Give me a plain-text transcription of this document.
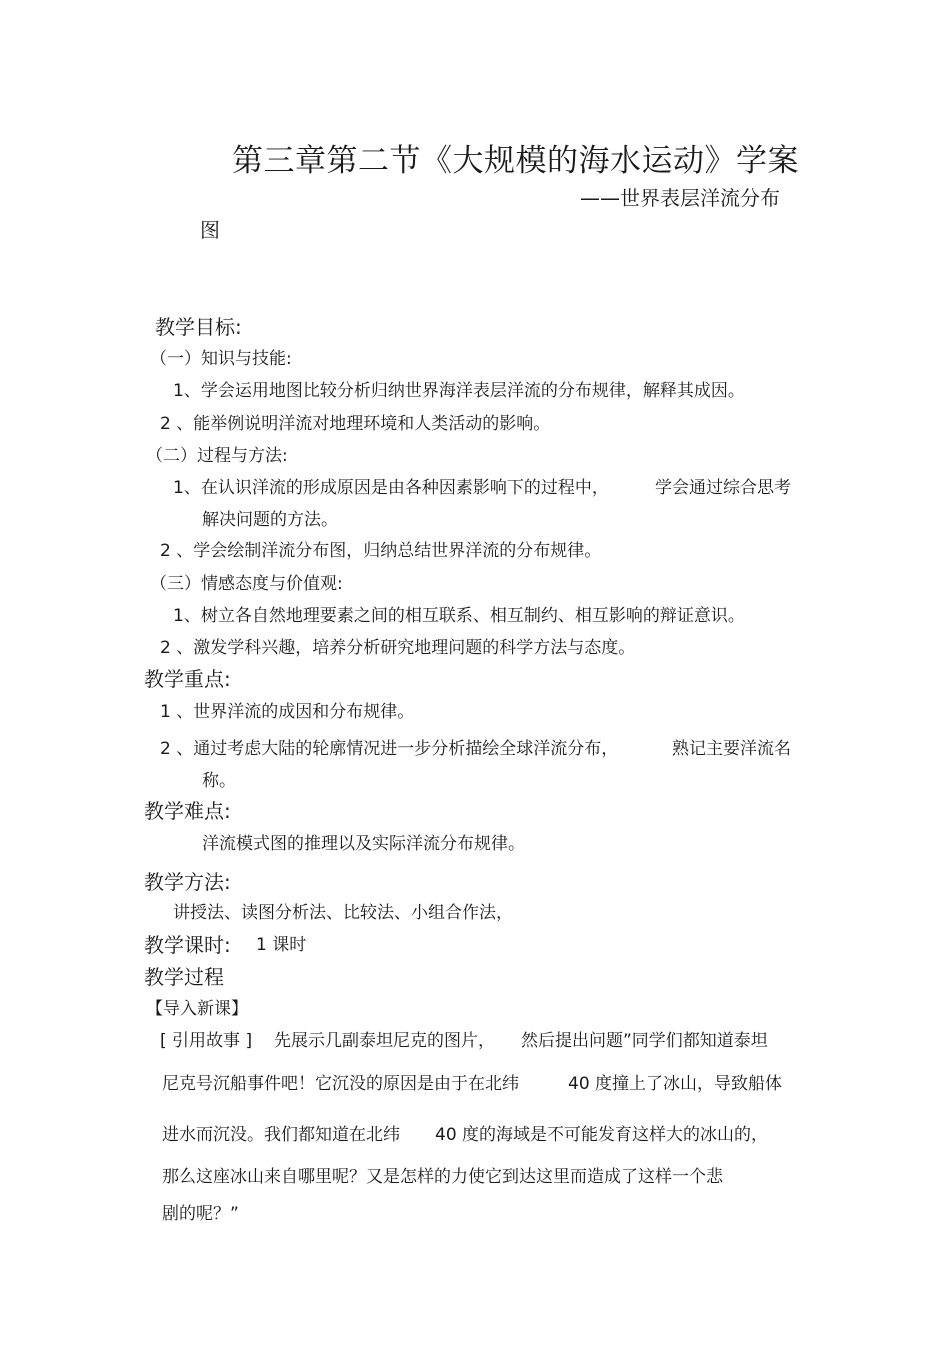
第三章第二节《大规模的海水运动》学案
——世界表层洋流分布
图
教学目标:
（一）知识与技能:
1、学会运用地图比较分析归纳世界海洋表层洋流的分布规律，解释其成因。
2 、能举例说明洋流对地理环境和人类活动的影响。
（二）过程与方法:
1、在认识洋流的形成原因是由各种因素影响下的过程中，	学会通过综合思考
解决问题的方法。
2 、学会绘制洋流分布图，归纳总结世界洋流的分布规律。
（三）情感态度与价值观:
1、树立各自然地理要素之间的相互联系、相互制约、相互影响的辩证意识。
2 、激发学科兴趣，培养分析研究地理问题的科学方法与态度。
教学重点:
1 、世界洋流的成因和分布规律。
2 、通过考虑大陆的轮廓情况进一步分析描绘全球洋流分布，	熟记主要洋流名
称。
教学难点:
洋流模式图的推理以及实际洋流分布规律。
教学方法:
讲授法、读图分析法、比较法、小组合作法，
教学课时: 1 课时
教学过程
【导入新课】
[ 引用故事 ] 先展示几副泰坦尼克的图片， 然后提出问题”同学们都知道泰坦
尼克号沉船事件吧！它沉没的原因是由于在北纬	40 度撞上了冰山，导致船体
进水而沉没。我们都知道在北纬 40 度的海域是不可能发育这样大的冰山的，
那么这座冰山来自哪里呢？又是怎样的力使它到达这里而造成了这样一个悲
剧的呢？”
